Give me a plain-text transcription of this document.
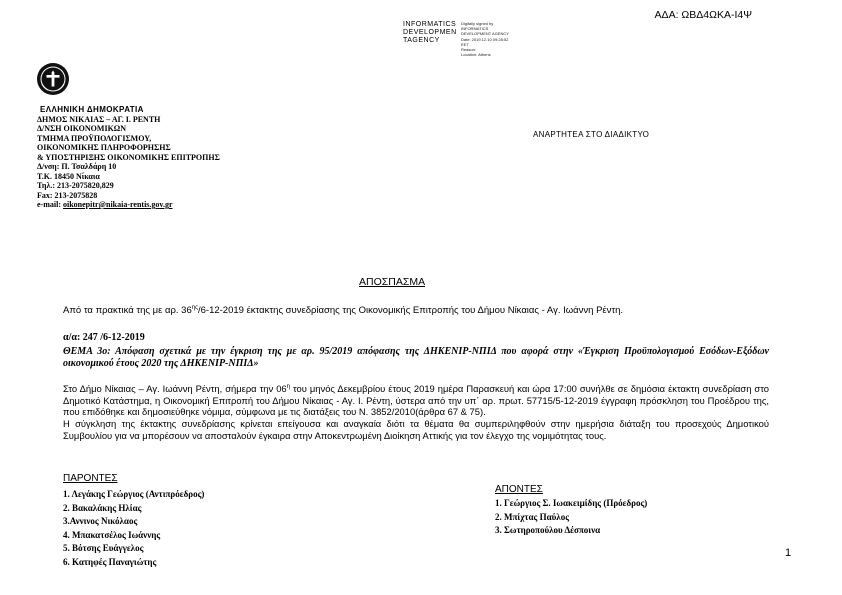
ΑΔΑ: ΩΒΔ4ΩΚΑ-Ι4Ψ
INFORMATICS
DEVELOPMEN
TAGENCY
Digitally signed by
INFORMATICS
DEVELOPMENT AGENCY
Date: 2019.12.10 09:28:52
EET
Reason:
Location: Athens
ΕΛΛΗΝΙΚΗ ΔΗΜΟΚΡΑΤΙΑ
ΔΗΜΟΣ ΝΙΚΑΙΑΣ – ΑΓ. Ι. ΡΕΝΤΗ
Δ/ΝΣΗ ΟΙΚΟΝΟΜΙΚΩΝ
ΤΜΗΜΑ ΠΡΟΫΠΟΛΟΓΙΣΜΟΥ,
ΟΙΚΟΝΟΜΙΚΗΣ ΠΛΗΡΟΦΟΡΗΣΗΣ
& ΥΠΟΣΤΗΡΙΞΗΣ ΟΙΚΟΝΟΜΙΚΗΣ ΕΠΙΤΡΟΠΗΣ
Δ/νση: Π. Τσαλδάρη 10
Τ.Κ. 18450 Νίκαια
Τηλ.: 213-2075820,829
Fax: 213-2075828
e-mail: oikonepitr@nikaia-rentis.gov.gr
ΑΝΑΡΤΗΤΕΑ ΣΤΟ ΔΙΑΔΙΚΤΥΟ
ΑΠΟΣΠΑΣΜΑ
Από τα πρακτικά της με αρ. $36^{\eta\varsigma}/6-12-2019$ έκτακτης συνεδρίασης της Οικονομικής Επιτροπής του Δήμου Νίκαιας - Αγ. Ιωάννη Ρέντη.
α/α: 247 /6-12-2019
ΘΕΜΑ 3ο: Απόφαση σχετικά με την έγκριση της με αρ. 95/2019 απόφασης της ΔΗΚΕΝΙΡ-ΝΠΙΔ που αφορά στην «Έγκριση Προϋπολογισμού Εσόδων-Εξόδων οικονομικού έτους 2020 της ΔΗΚΕΝΙΡ-ΝΠΙΔ»

Στο Δήμο Νίκαιας – Αγ. Ιωάννη Ρέντη, σήμερα την $06^\eta$ του μηνός Δεκεμβρίου έτους 2019 ημέρα Παρασκευή και ώρα 17:00 συνήλθε σε δημόσια έκτακτη συνεδρίαση στο Δημοτικό Κατάστημα, η Οικονομική Επιτροπή του Δήμου Νίκαιας - Αγ. Ι. Ρέντη, ύστερα από την υπ΄ αρ. πρωτ. 57715/5-12-2019 έγγραφη πρόσκληση του Προέδρου της, που επιδόθηκε και δημοσιεύθηκε νόμιμα, σύμφωνα με τις διατάξεις του Ν. 3852/2010(άρθρα 67 & 75).

Η σύγκληση της έκτακτης συνεδρίασης κρίνεται επείγουσα και αναγκαία διότι τα θέματα θα συμπεριληφθούν στην ημερήσια διάταξη του προσεχούς Δημοτικού Συμβουλίου για να μπορέσουν να αποσταλούν έγκαιρα στην Αποκεντρωμένη Διοίκηση Αττικής για τον έλεγχο της νομιμότητας τους.

ΠΑΡΟΝΤΕΣ
1. Λεγάκης Γεώργιος (Αντιπρόεδρος)
2. Βακαλάκης Ηλίας
3.Αννινος Νικόλαος
4. Μπακατσέλος Ιωάννης
5. Βότσης Ευάγγελος
6. Κατηφές Παναγιώτης
ΑΠΟΝΤΕΣ
1. Γεώργιος Σ. Ιωακειμίδης (Πρόεδρος)
2. Μπίχτας Παύλος
3. Σωτηροπούλου Δέσποινα
1
